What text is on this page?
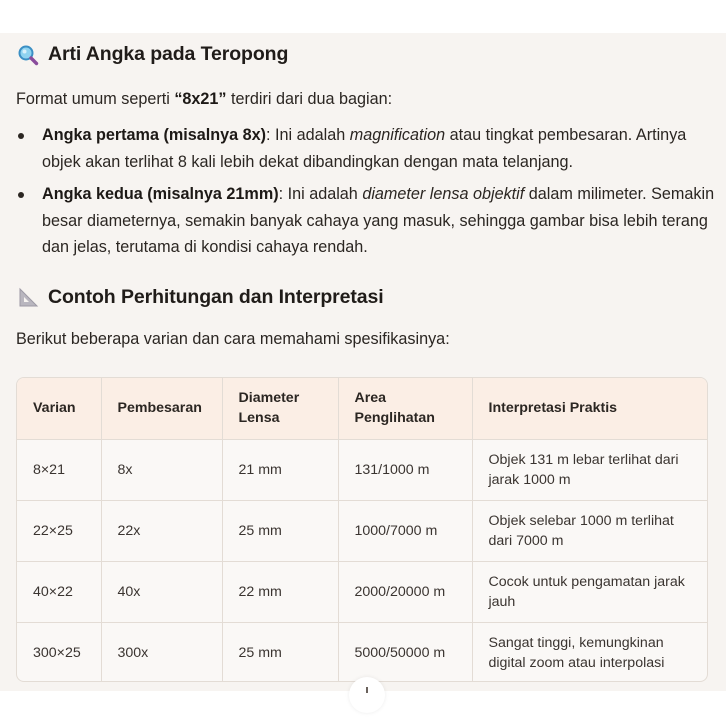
Arti Angka pada Teropong
Format umum seperti “8x21” terdiri dari dua bagian:
Angka pertama (misalnya 8x): Ini adalah magnification atau tingkat pembesaran. Artinya objek akan terlihat 8 kali lebih dekat dibandingkan dengan mata telanjang.
Angka kedua (misalnya 21mm): Ini adalah diameter lensa objektif dalam milimeter. Semakin besar diameternya, semakin banyak cahaya yang masuk, sehingga gambar bisa lebih terang dan jelas, terutama di kondisi cahaya rendah.
Contoh Perhitungan dan Interpretasi
Berikut beberapa varian dan cara memahami spesifikasinya:
Varian	Pembesaran	Diameter Lensa	Area Penglihatan	Interpretasi Praktis
8×21	8x	21 mm	131/1000 m	Objek 131 m lebar terlihat dari jarak 1000 m
22×25	22x	25 mm	1000/7000 m	Objek selebar 1000 m terlihat dari 7000 m
40×22	40x	22 mm	2000/20000 m	Cocok untuk pengamatan jarak jauh
300×25	300x	25 mm	5000/50000 m	Sangat tinggi, kemungkinan digital zoom atau interpolasi
